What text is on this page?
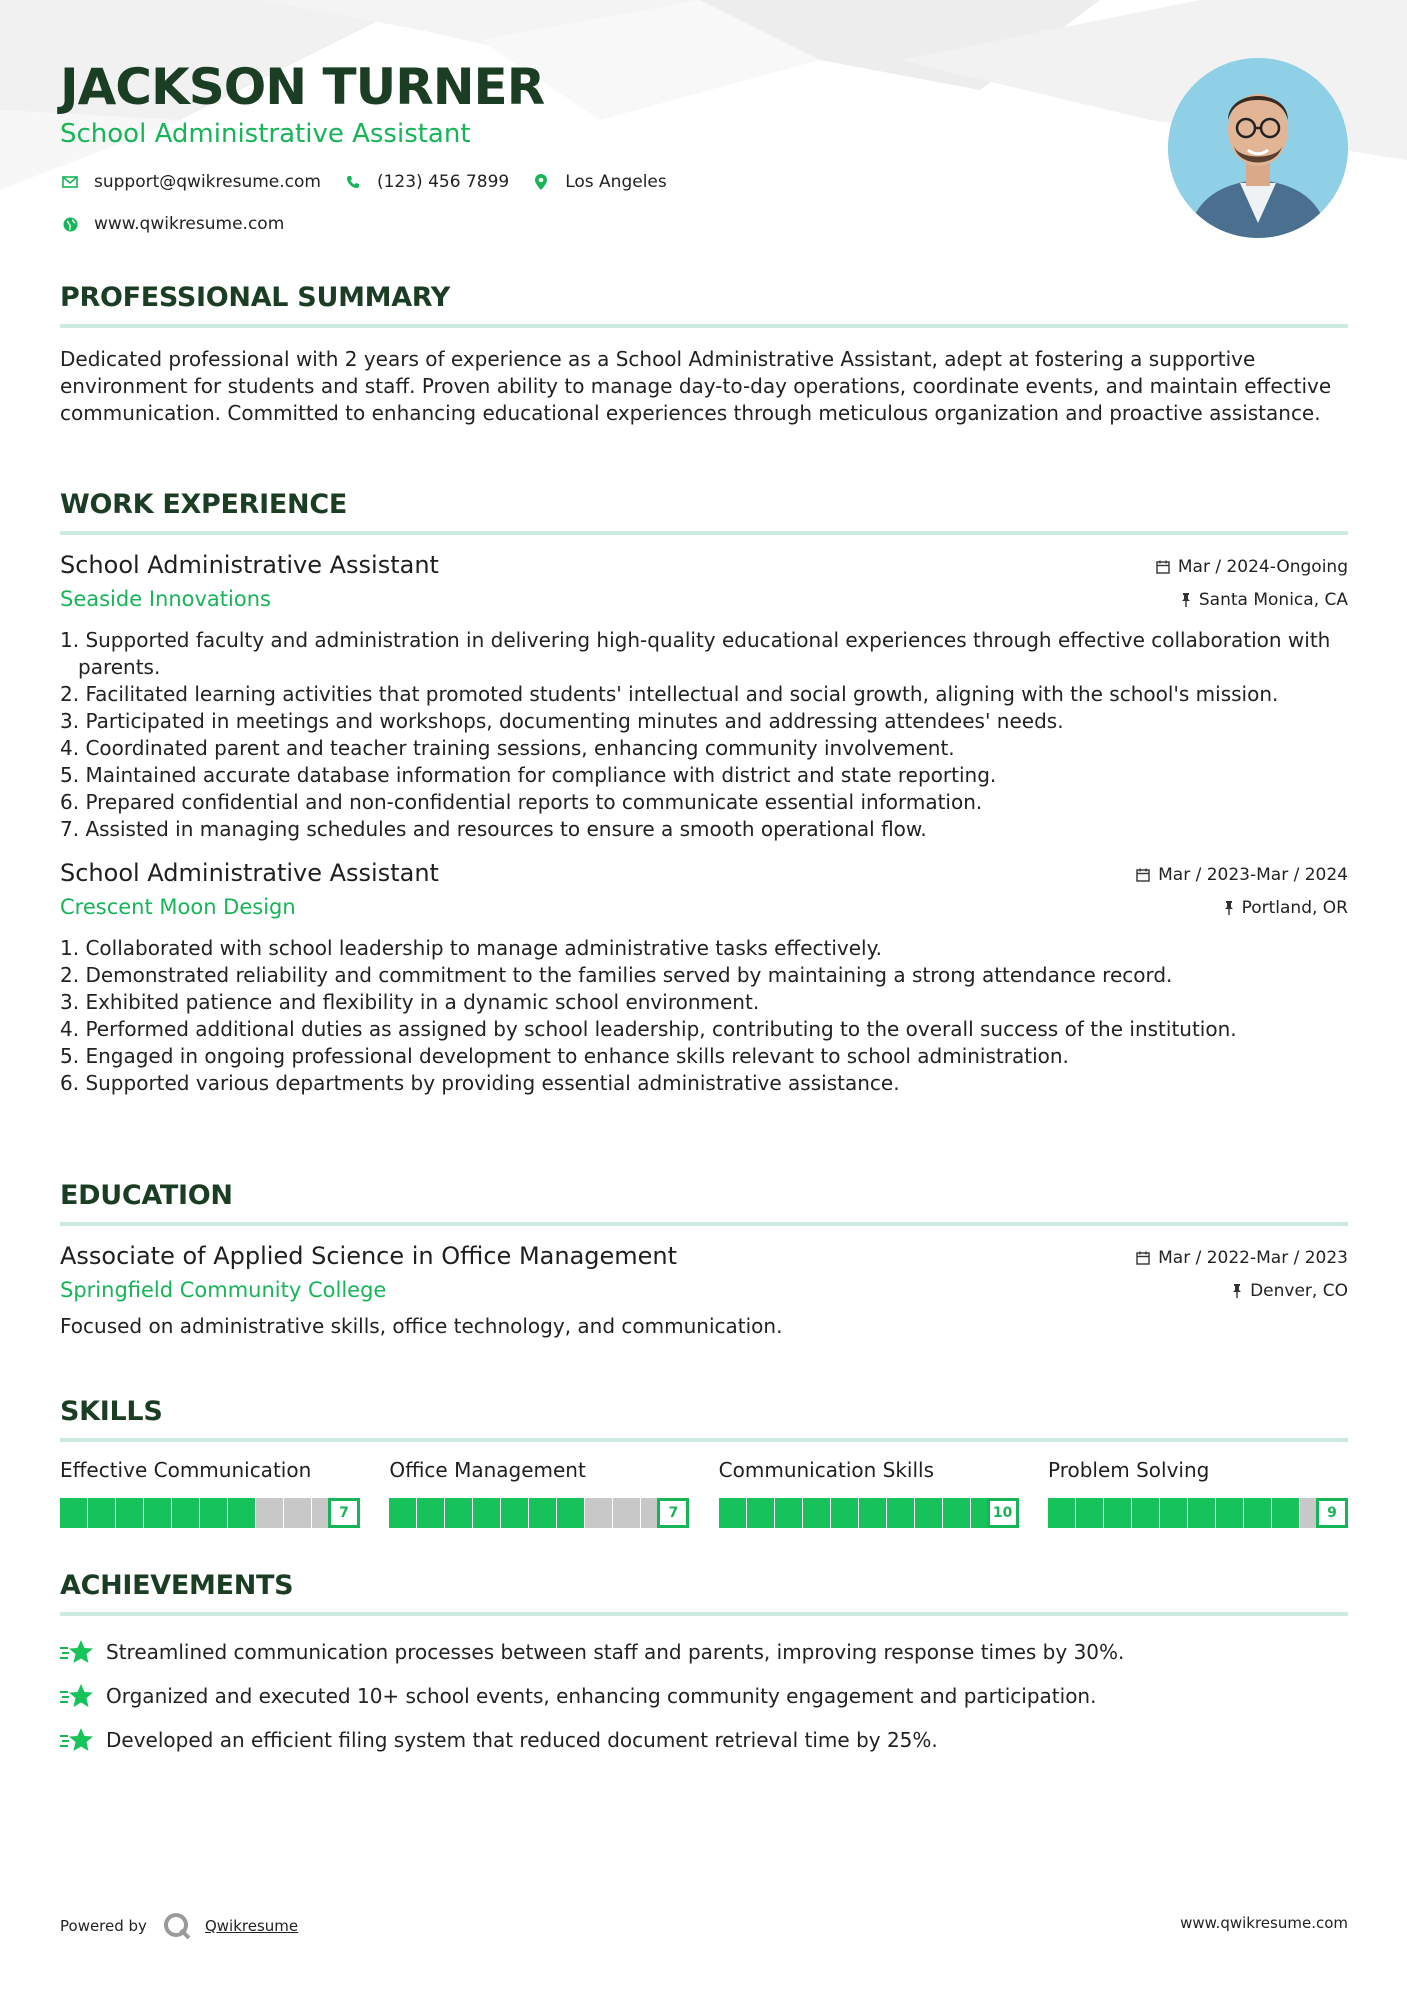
JACKSON TURNER
School Administrative Assistant
support@qwikresume.com	(123) 456 7899	Los Angeles
www.qwikresume.com
PROFESSIONAL SUMMARY
Dedicated professional with 2 years of experience as a School Administrative Assistant, adept at fostering a supportive environment for students and staff. Proven ability to manage day-to-day operations, coordinate events, and maintain effective communication. Committed to enhancing educational experiences through meticulous organization and proactive assistance.
WORK EXPERIENCE
School Administrative Assistant
Seaside Innovations
Mar / 2024-Ongoing
Santa Monica, CA
1. Supported faculty and administration in delivering high-quality educational experiences through effective collaboration with parents.
2. Facilitated learning activities that promoted students' intellectual and social growth, aligning with the school's mission.
3. Participated in meetings and workshops, documenting minutes and addressing attendees' needs.
4. Coordinated parent and teacher training sessions, enhancing community involvement.
5. Maintained accurate database information for compliance with district and state reporting.
6. Prepared confidential and non-confidential reports to communicate essential information.
7. Assisted in managing schedules and resources to ensure a smooth operational flow.
School Administrative Assistant
Crescent Moon Design
Mar / 2023-Mar / 2024
Portland, OR
1. Collaborated with school leadership to manage administrative tasks effectively.
2. Demonstrated reliability and commitment to the families served by maintaining a strong attendance record.
3. Exhibited patience and flexibility in a dynamic school environment.
4. Performed additional duties as assigned by school leadership, contributing to the overall success of the institution.
5. Engaged in ongoing professional development to enhance skills relevant to school administration.
6. Supported various departments by providing essential administrative assistance.
EDUCATION
Associate of Applied Science in Office Management
Springfield Community College
Mar / 2022-Mar / 2023
Denver, CO
Focused on administrative skills, office technology, and communication.
SKILLS
Effective Communication
7
Office Management
7
Communication Skills
10
Problem Solving
9
ACHIEVEMENTS
Streamlined communication processes between staff and parents, improving response times by 30%.
Organized and executed 10+ school events, enhancing community engagement and participation.
Developed an efficient filing system that reduced document retrieval time by 25%.
Powered by	Qwikresume	www.qwikresume.com
